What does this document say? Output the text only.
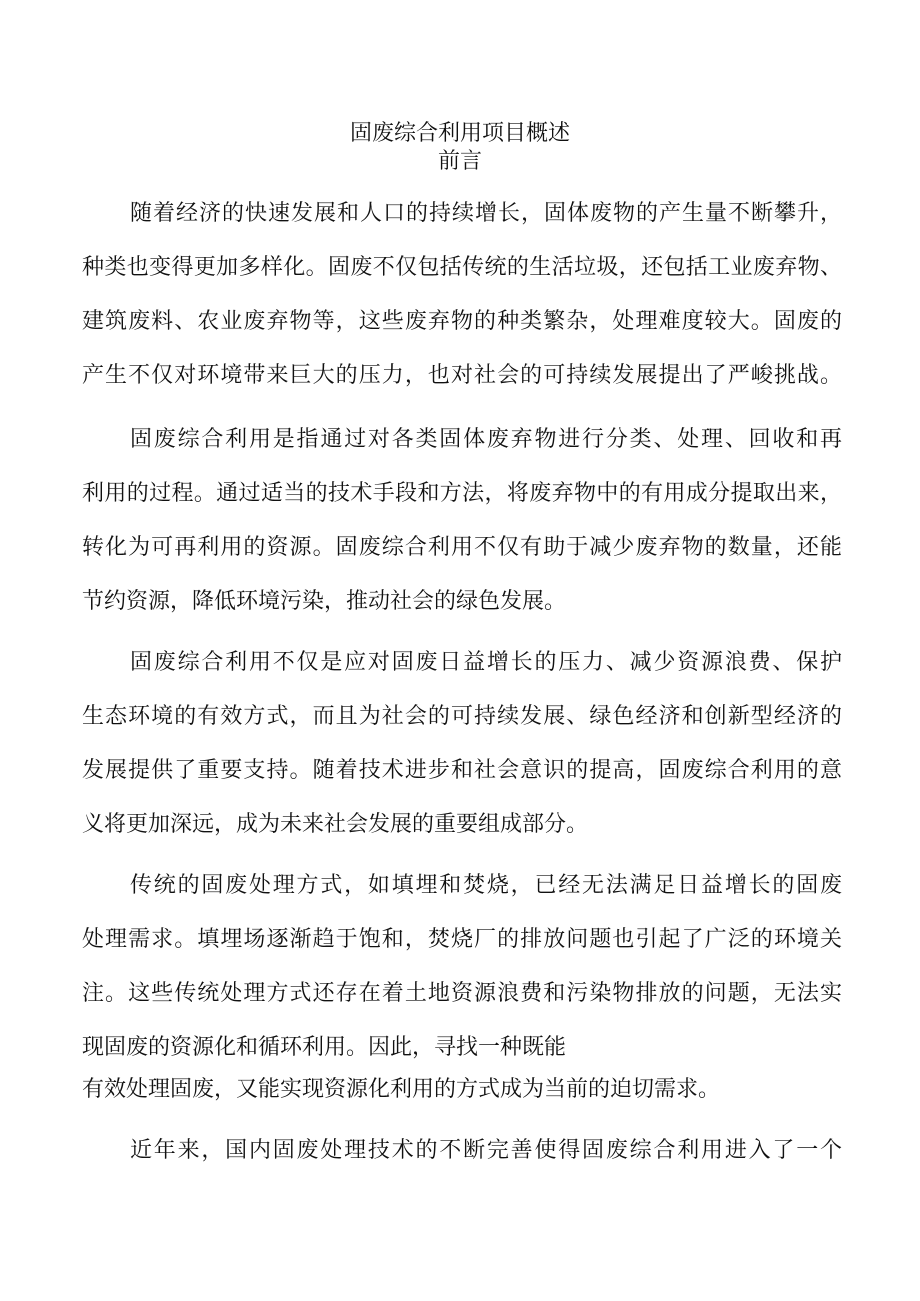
固废综合利用项目概述
前言

随着经济的快速发展和人口的持续增长，固体废物的产生量不断攀升，

种类也变得更加多样化。固废不仅包括传统的生活垃圾，还包括工业废弃物、

建筑废料、农业废弃物等，这些废弃物的种类繁杂，处理难度较大。固废的

产生不仅对环境带来巨大的压力，也对社会的可持续发展提出了严峻挑战。

固废综合利用是指通过对各类固体废弃物进行分类、处理、回收和再

利用的过程。通过适当的技术手段和方法，将废弃物中的有用成分提取出来，

转化为可再利用的资源。固废综合利用不仅有助于减少废弃物的数量，还能

节约资源，降低环境污染，推动社会的绿色发展。

固废综合利用不仅是应对固废日益增长的压力、减少资源浪费、保护

生态环境的有效方式，而且为社会的可持续发展、绿色经济和创新型经济的

发展提供了重要支持。随着技术进步和社会意识的提高，固废综合利用的意

义将更加深远，成为未来社会发展的重要组成部分。

传统的固废处理方式，如填埋和焚烧，已经无法满足日益增长的固废

处理需求。填埋场逐渐趋于饱和，焚烧厂的排放问题也引起了广泛的环境关

注。这些传统处理方式还存在着土地资源浪费和污染物排放的问题，无法实

现固废的资源化和循环利用。因此，寻找一种既能

有效处理固废，又能实现资源化利用的方式成为当前的迫切需求。

近年来，国内固废处理技术的不断完善使得固废综合利用进入了一个
